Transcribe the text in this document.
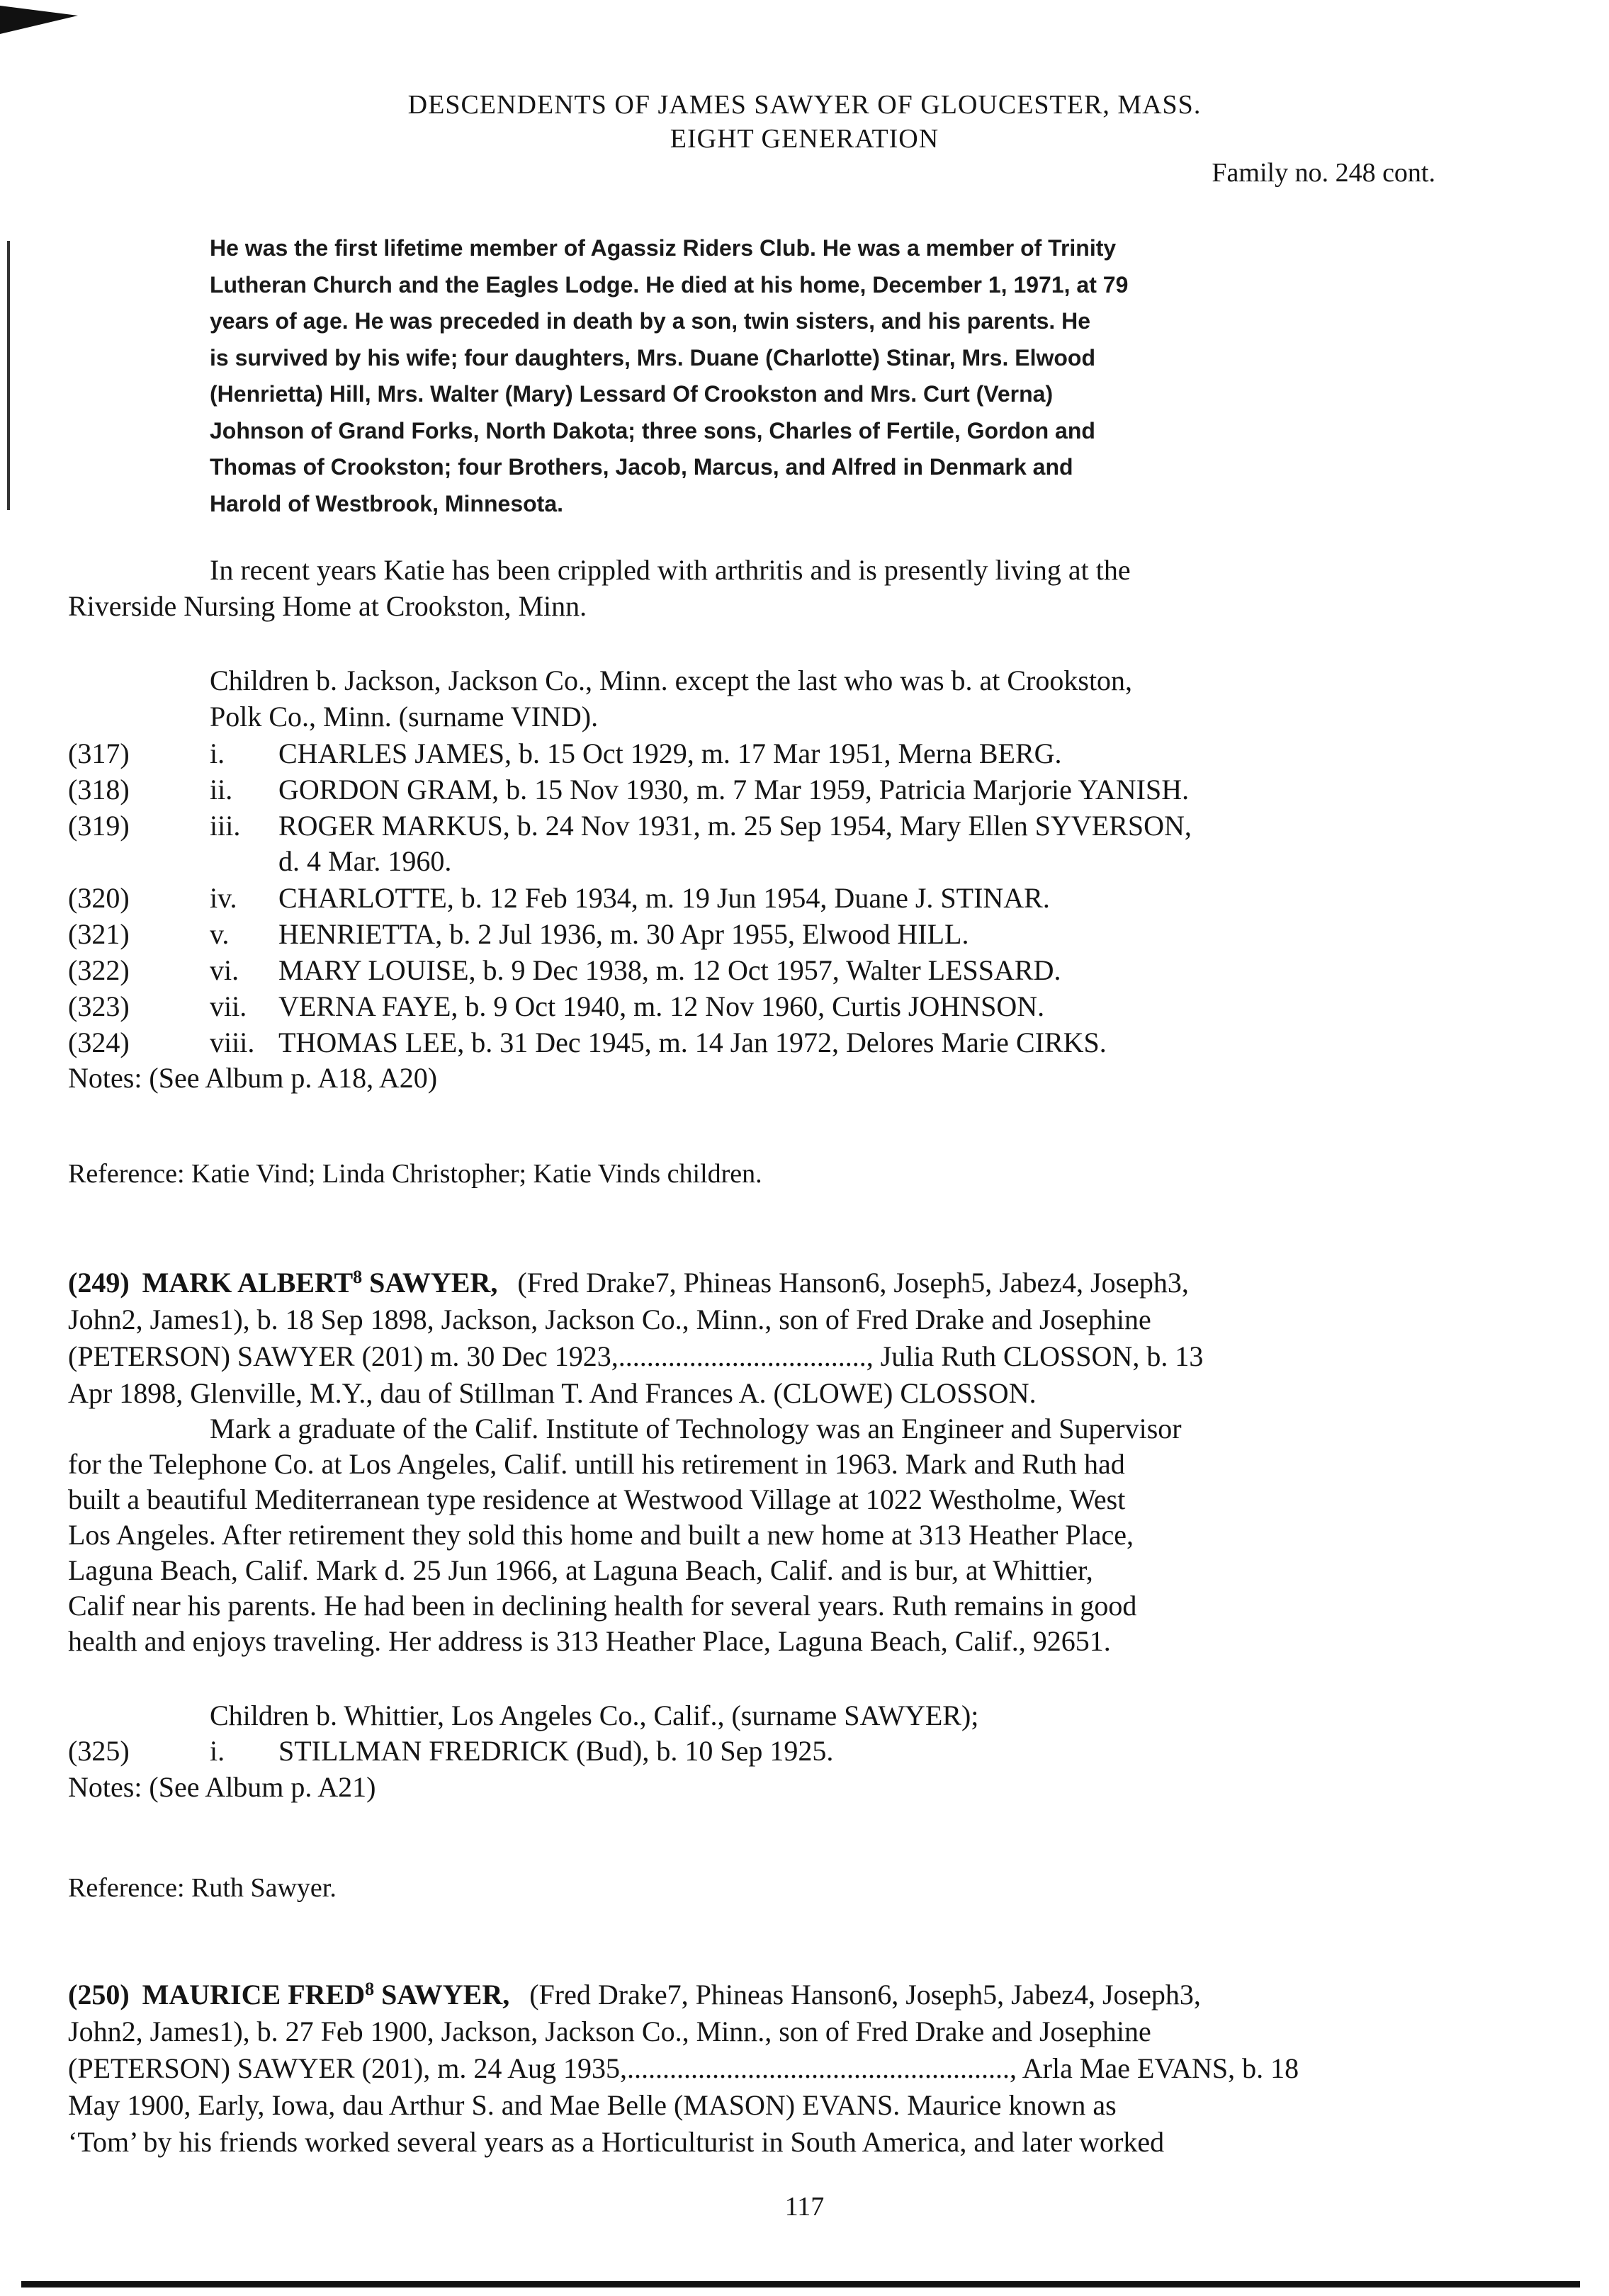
DESCENDENTS OF JAMES SAWYER OF GLOUCESTER, MASS.
EIGHT GENERATION
Family no. 248 cont.
He was the first lifetime member of Agassiz Riders Club. He was a member of Trinity
Lutheran Church and the Eagles Lodge. He died at his home, December 1, 1971, at 79
years of age. He was preceded in death by a son, twin sisters, and his parents. He
is survived by his wife; four daughters, Mrs. Duane (Charlotte) Stinar, Mrs. Elwood
(Henrietta) Hill, Mrs. Walter (Mary) Lessard Of Crookston and Mrs. Curt (Verna)
Johnson of Grand Forks, North Dakota; three sons, Charles of Fertile, Gordon and
Thomas of Crookston; four Brothers, Jacob, Marcus, and Alfred in Denmark and
Harold of Westbrook, Minnesota.
In recent years Katie has been crippled with arthritis and is presently living at the
Riverside Nursing Home at Crookston, Minn.
Children b. Jackson, Jackson Co., Minn. except the last who was b. at Crookston,
Polk Co., Minn. (surname VIND).
(317)	i. CHARLES JAMES, b. 15 Oct 1929, m. 17 Mar 1951, Merna BERG.
(318)	ii. GORDON GRAM, b. 15 Nov 1930, m. 7 Mar 1959, Patricia Marjorie YANISH.
(319)	iii. ROGER MARKUS, b. 24 Nov 1931, m. 25 Sep 1954, Mary Ellen SYVERSON,
d. 4 Mar. 1960.
(320)	iv. CHARLOTTE, b. 12 Feb 1934, m. 19 Jun 1954, Duane J. STINAR.
(321)	v. HENRIETTA, b. 2 Jul 1936, m. 30 Apr 1955, Elwood HILL.
(322)	vi. MARY LOUISE, b. 9 Dec 1938, m. 12 Oct 1957, Walter LESSARD.
(323)	vii. VERNA FAYE, b. 9 Oct 1940, m. 12 Nov 1960, Curtis JOHNSON.
(324)	viii. THOMAS LEE, b. 31 Dec 1945, m. 14 Jan 1972, Delores Marie CIRKS.
Notes: (See Album p. A18, A20)
Reference: Katie Vind; Linda Christopher; Katie Vinds children.
(249) MARK ALBERT$^8$ SAWYER, (Fred Drake7, Phineas Hanson6, Joseph5, Jabez4, Joseph3,
John2, James1), b. 18 Sep 1898, Jackson, Jackson Co., Minn., son of Fred Drake and Josephine
(PETERSON) SAWYER (201) m. 30 Dec 1923,..................................., Julia Ruth CLOSSON, b. 13
Apr 1898, Glenville, M.Y., dau of Stillman T. And Frances A. (CLOWE) CLOSSON.
Mark a graduate of the Calif. Institute of Technology was an Engineer and Supervisor
for the Telephone Co. at Los Angeles, Calif. untill his retirement in 1963. Mark and Ruth had
built a beautiful Mediterranean type residence at Westwood Village at 1022 Westholme, West
Los Angeles. After retirement they sold this home and built a new home at 313 Heather Place,
Laguna Beach, Calif. Mark d. 25 Jun 1966, at Laguna Beach, Calif. and is bur, at Whittier,
Calif near his parents. He had been in declining health for several years. Ruth remains in good
health and enjoys traveling. Her address is 313 Heather Place, Laguna Beach, Calif., 92651.
Children b. Whittier, Los Angeles Co., Calif., (surname SAWYER);
(325)	i. STILLMAN FREDRICK (Bud), b. 10 Sep 1925.
Notes: (See Album p. A21)
Reference: Ruth Sawyer.
(250) MAURICE FRED$^8$ SAWYER, (Fred Drake7, Phineas Hanson6, Joseph5, Jabez4, Joseph3,
John2, James1), b. 27 Feb 1900, Jackson, Jackson Co., Minn., son of Fred Drake and Josephine
(PETERSON) SAWYER (201), m. 24 Aug 1935,......................................................, Arla Mae EVANS, b. 18
May 1900, Early, Iowa, dau Arthur S. and Mae Belle (MASON) EVANS. Maurice known as
‘Tom’ by his friends worked several years as a Horticulturist in South America, and later worked
117
